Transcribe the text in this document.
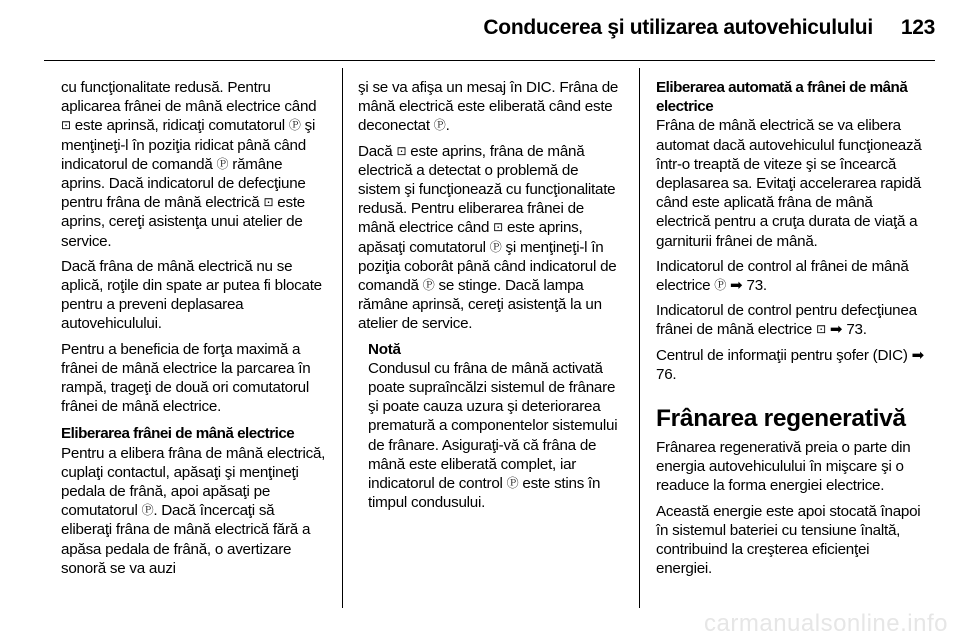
Conducerea şi utilizarea autovehiculului 123

cu funcţionalitate redusă. Pentru aplicarea frânei de mână electrice când ⊡ este aprinsă, ridicaţi comutatorul Ⓟ şi menţineţi-l în poziţia ridicat până când indicatorul de comandă Ⓟ rămâne aprins. Dacă indicatorul de defecţiune pentru frâna de mână electrică ⊡ este aprins, cereţi asistenţa unui atelier de service.

Dacă frâna de mână electrică nu se aplică, roţile din spate ar putea fi blocate pentru a preveni deplasarea autovehiculului.

Pentru a beneficia de forţa maximă a frânei de mână electrice la parcarea în rampă, trageţi de două ori comutatorul frânei de mână electrice.

Eliberarea frânei de mână electrice

Pentru a elibera frâna de mână electrică, cuplaţi contactul, apăsaţi şi menţineţi pedala de frână, apoi apăsaţi pe comutatorul Ⓟ. Dacă încercaţi să eliberaţi frâna de mână electrică fără a apăsa pedala de frână, o avertizare sonoră se va auzi

şi se va afişa un mesaj în DIC. Frâna de mână electrică este eliberată când este deconectat Ⓟ.

Dacă ⊡ este aprins, frâna de mână electrică a detectat o problemă de sistem şi funcţionează cu funcţionalitate redusă. Pentru eliberarea frânei de mână electrice când ⊡ este aprins, apăsaţi comutatorul Ⓟ şi menţineţi-l în poziţia coborât până când indicatorul de comandă Ⓟ se stinge. Dacă lampa rămâne aprinsă, cereţi asistenţă la un atelier de service.

Notă
Condusul cu frâna de mână activată poate supraîncălzi sistemul de frânare şi poate cauza uzura şi deteriorarea prematură a componentelor sistemului de frânare. Asiguraţi-vă că frâna de mână este eliberată complet, iar indicatorul de control Ⓟ este stins în timpul condusului.
Eliberarea automată a frânei de mână electrice

Frâna de mână electrică se va elibera automat dacă autovehiculul funcţionează într-o treaptă de viteze şi se încearcă deplasarea sa. Evitaţi accelerarea rapidă când este aplicată frâna de mână electrică pentru a cruţa durata de viaţă a garniturii frânei de mână.

Indicatorul de control al frânei de mână electrice Ⓟ ➡ 73.

Indicatorul de control pentru defecţiunea frânei de mână electrice ⊡ ➡ 73.

Centrul de informaţii pentru şofer (DIC) ➡ 76.

Frânarea regenerativă

Frânarea regenerativă preia o parte din energia autovehiculului în mişcare şi o readuce la forma energiei electrice.

Această energie este apoi stocată înapoi în sistemul bateriei cu tensiune înaltă, contribuind la creşterea eficienţei energiei.

carmanualsonline.info
